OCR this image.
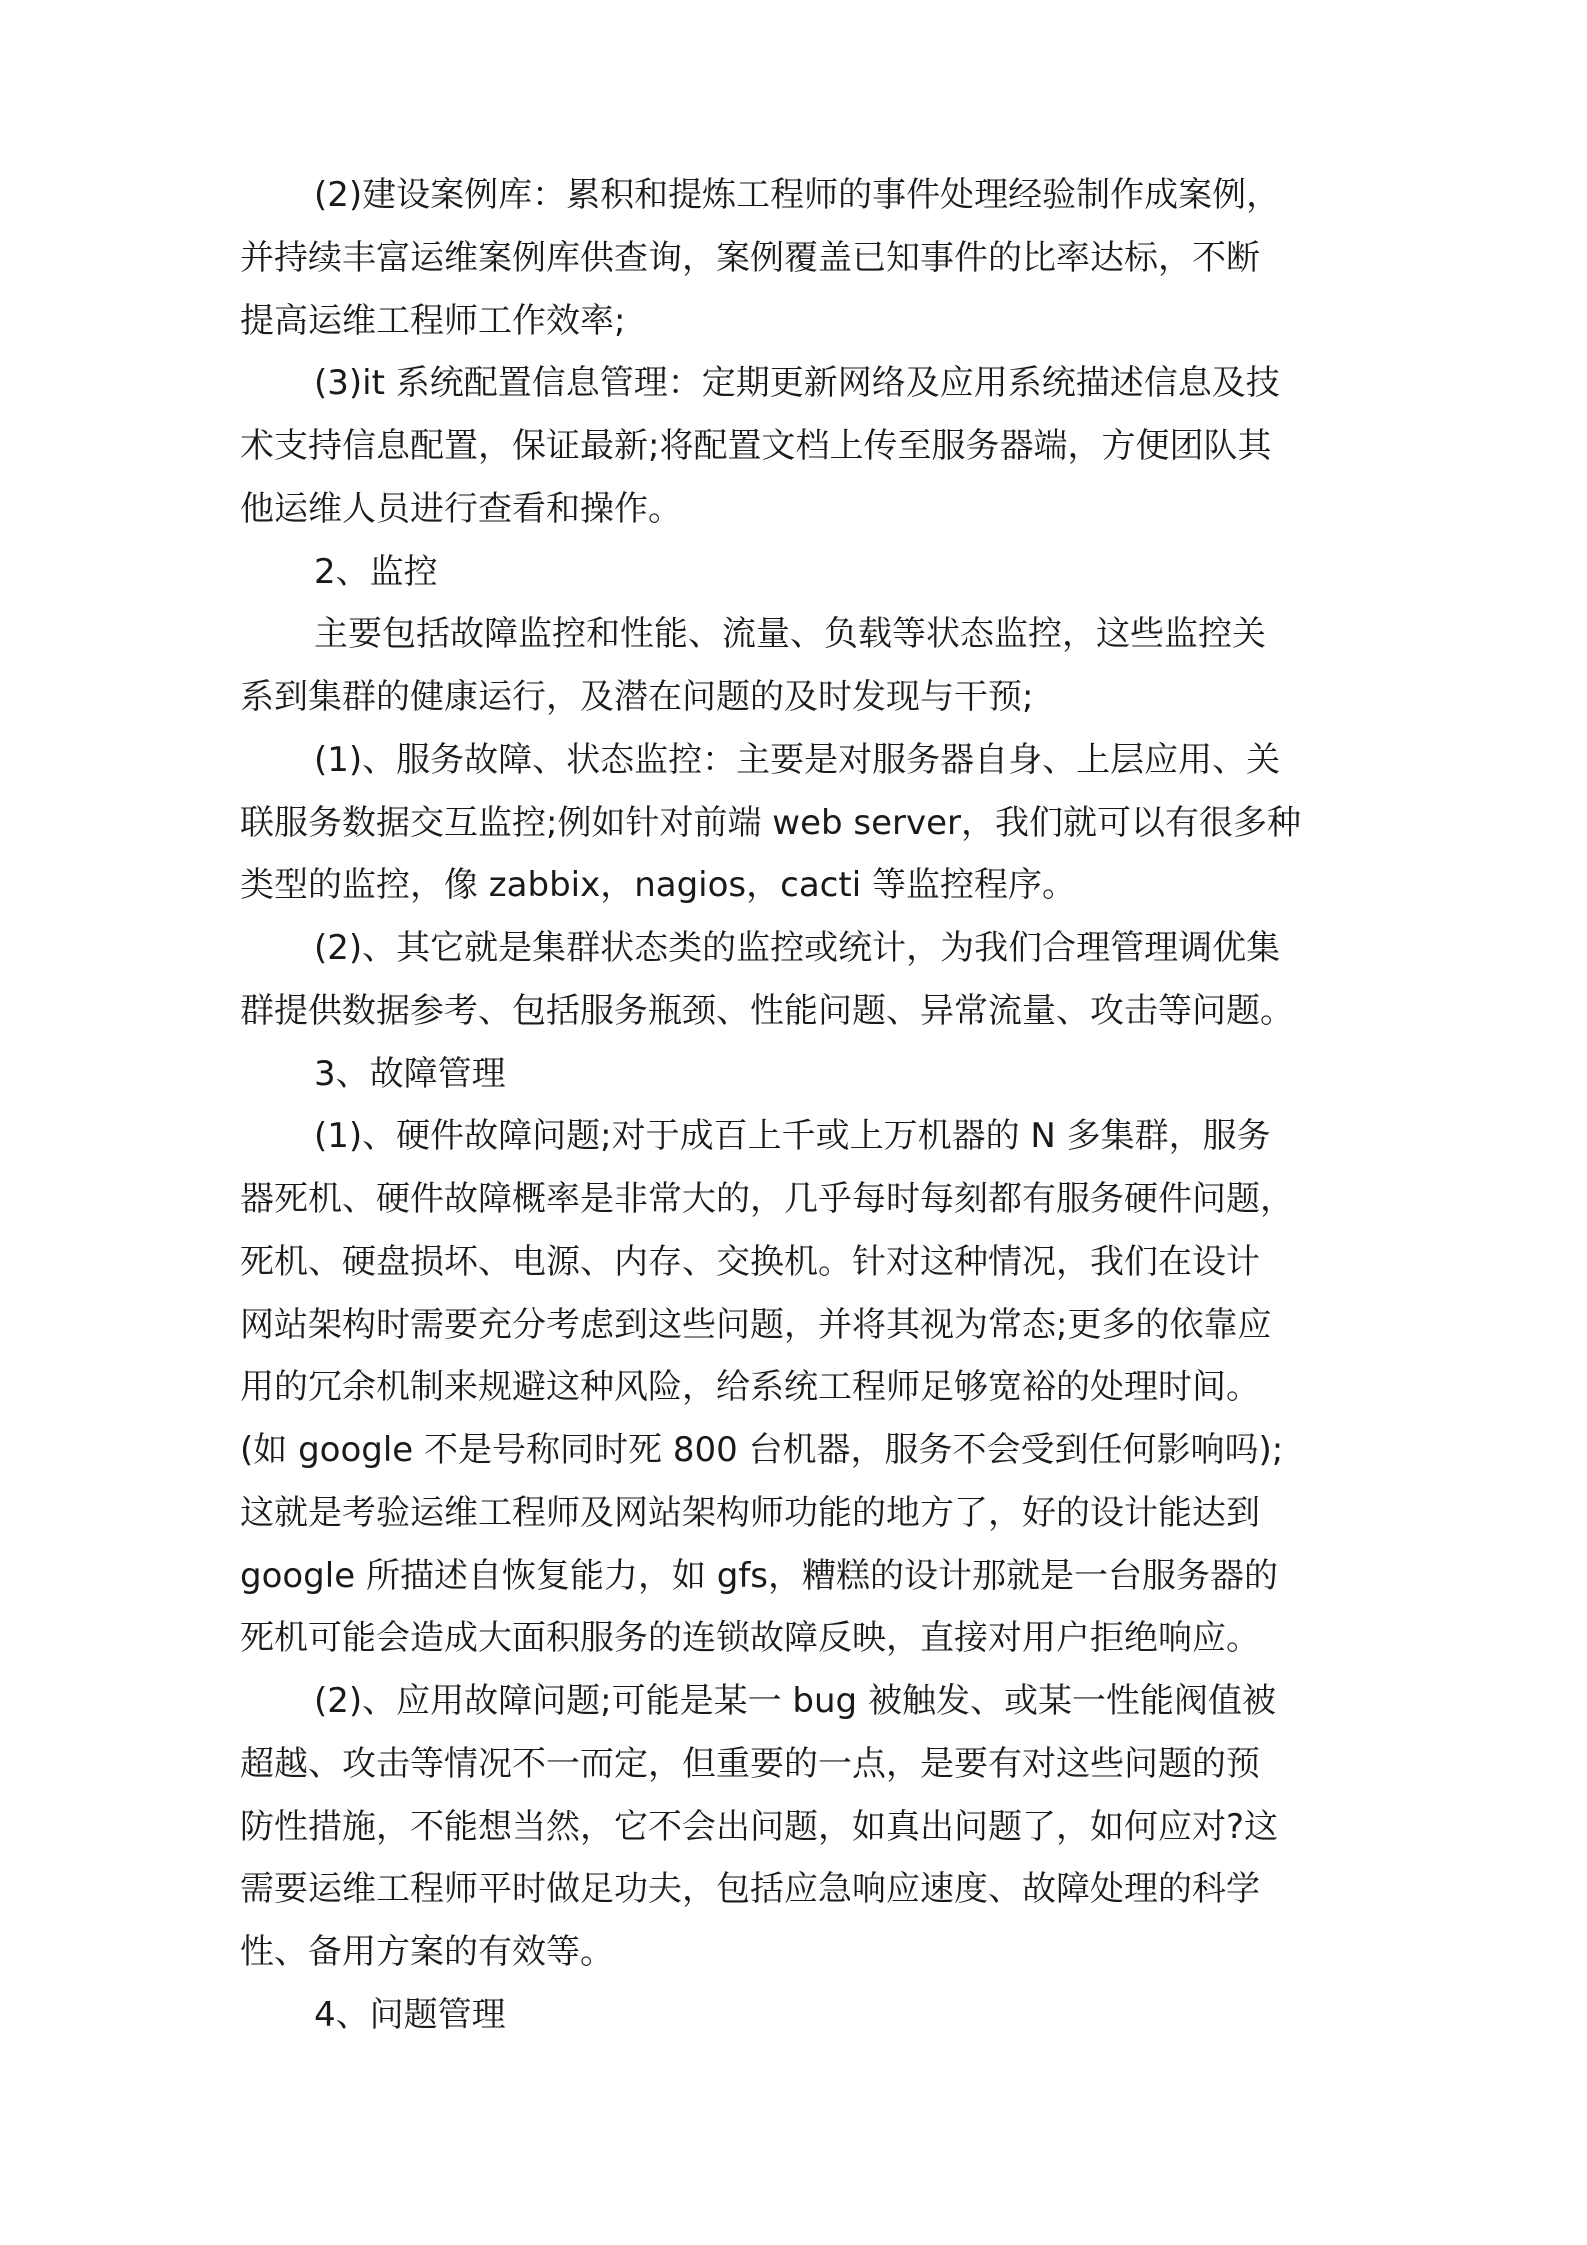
(2)建设案例库：累积和提炼工程师的事件处理经验制作成案例，
并持续丰富运维案例库供查询，案例覆盖已知事件的比率达标，不断
提高运维工程师工作效率;
(3)it 系统配置信息管理：定期更新网络及应用系统描述信息及技
术支持信息配置，保证最新;将配置文档上传至服务器端，方便团队其
他运维人员进行查看和操作。
2、监控
主要包括故障监控和性能、流量、负载等状态监控，这些监控关
系到集群的健康运行，及潜在问题的及时发现与干预;
(1)、服务故障、状态监控：主要是对服务器自身、上层应用、关
联服务数据交互监控;例如针对前端 web server，我们就可以有很多种
类型的监控，像 zabbix，nagios，cacti 等监控程序。
(2)、其它就是集群状态类的监控或统计，为我们合理管理调优集
群提供数据参考、包括服务瓶颈、性能问题、异常流量、攻击等问题。
3、故障管理
(1)、硬件故障问题;对于成百上千或上万机器的 N 多集群，服务
器死机、硬件故障概率是非常大的，几乎每时每刻都有服务硬件问题，
死机、硬盘损坏、电源、内存、交换机。针对这种情况，我们在设计
网站架构时需要充分考虑到这些问题，并将其视为常态;更多的依靠应
用的冗余机制来规避这种风险，给系统工程师足够宽裕的处理时间。
(如 google 不是号称同时死 800 台机器，服务不会受到任何影响吗);
这就是考验运维工程师及网站架构师功能的地方了，好的设计能达到
google 所描述自恢复能力，如 gfs，糟糕的设计那就是一台服务器的
死机可能会造成大面积服务的连锁故障反映，直接对用户拒绝响应。
(2)、应用故障问题;可能是某一 bug 被触发、或某一性能阀值被
超越、攻击等情况不一而定，但重要的一点，是要有对这些问题的预
防性措施，不能想当然，它不会出问题，如真出问题了，如何应对?这
需要运维工程师平时做足功夫，包括应急响应速度、故障处理的科学
性、备用方案的有效等。
4、问题管理
